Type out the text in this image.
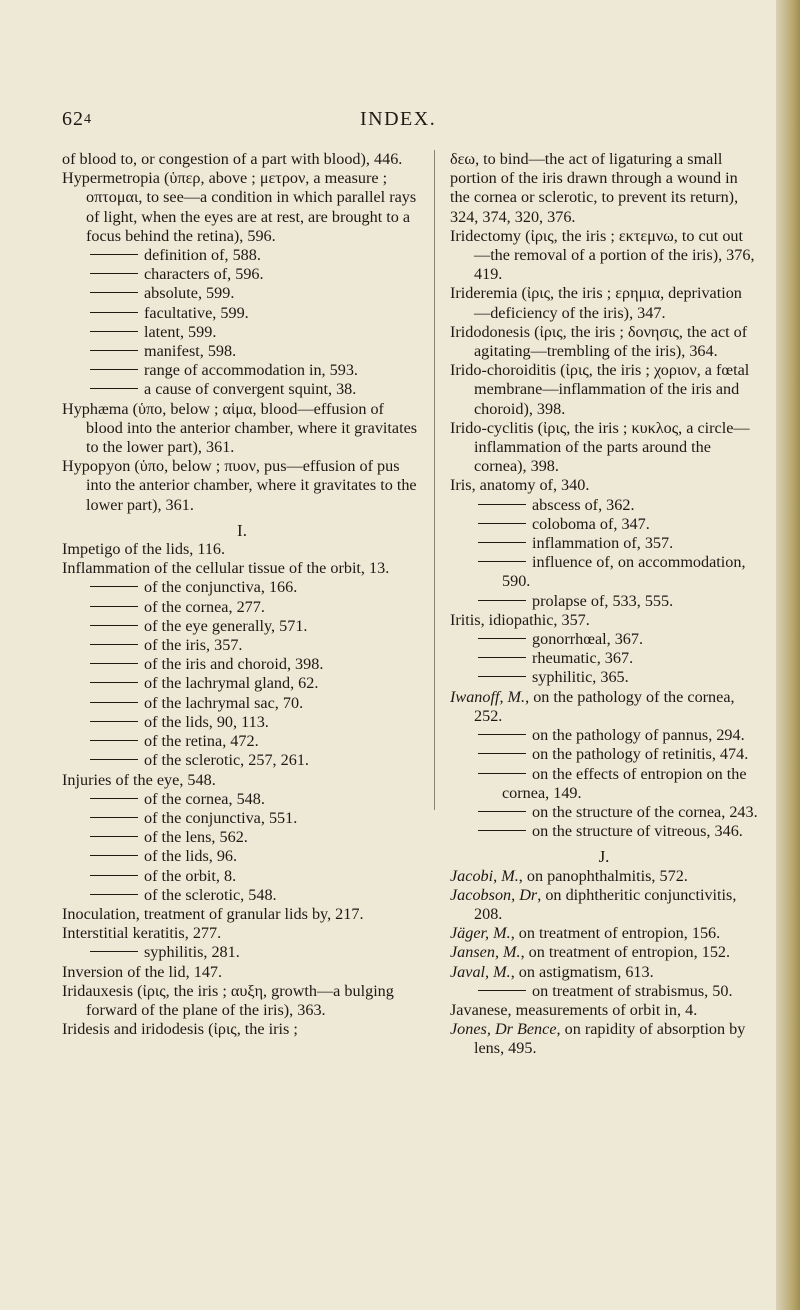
624	INDEX.

of blood to, or congestion of a part with blood), 446.

Hypermetropia (ὑπερ, above ; μετρον, a measure ; οπτομαι, to see—a condition in which parallel rays of light, when the eyes are at rest, are brought to a focus behind the retina), 596.

definition of, 588.

characters of, 596.

absolute, 599.

facultative, 599.

latent, 599.

manifest, 598.

range of accommodation in, 593.

a cause of convergent squint, 38.

Hyphæma (ὑπο, below ; αἱμα, blood—effusion of blood into the anterior chamber, where it gravitates to the lower part), 361.

Hypopyon (ὑπο, below ; πυον, pus—effusion of pus into the anterior chamber, where it gravitates to the lower part), 361.

I.

Impetigo of the lids, 116.

Inflammation of the cellular tissue of the orbit, 13.

of the conjunctiva, 166.

of the cornea, 277.

of the eye generally, 571.

of the iris, 357.

of the iris and choroid, 398.

of the lachrymal gland, 62.

of the lachrymal sac, 70.

of the lids, 90, 113.

of the retina, 472.

of the sclerotic, 257, 261.

Injuries of the eye, 548.

of the cornea, 548.

of the conjunctiva, 551.

of the lens, 562.

of the lids, 96.

of the orbit, 8.

of the sclerotic, 548.

Inoculation, treatment of granular lids by, 217.

Interstitial keratitis, 277.

syphilitis, 281.

Inversion of the lid, 147.

Iridauxesis (ἰρις, the iris ; αυξη, growth—a bulging forward of the plane of the iris), 363.

Iridesis and iridodesis (ἰρις, the iris ;

δεω, to bind—the act of ligaturing a small portion of the iris drawn through a wound in the cornea or sclerotic, to prevent its return), 324, 374, 320, 376.

Iridectomy (ἰρις, the iris ; εκτεμνω, to cut out—the removal of a portion of the iris), 376, 419.

Irideremia (ἰρις, the iris ; ερημια, deprivation—deficiency of the iris), 347.

Iridodonesis (ἰρις, the iris ; δονησις, the act of agitating—trembling of the iris), 364.

Irido-choroiditis (ἰρις, the iris ; χοριον, a fœtal membrane—inflammation of the iris and choroid), 398.

Irido-cyclitis (ἰρις, the iris ; κυκλος, a circle—inflammation of the parts around the cornea), 398.

Iris, anatomy of, 340.

abscess of, 362.

coloboma of, 347.

inflammation of, 357.

influence of, on accommodation, 590.

prolapse of, 533, 555.

Iritis, idiopathic, 357.

gonorrhœal, 367.

rheumatic, 367.

syphilitic, 365.

Iwanoff, M., on the pathology of the cornea, 252.

on the pathology of pannus, 294.

on the pathology of retinitis, 474.

on the effects of entropion on the cornea, 149.

on the structure of the cornea, 243.

on the structure of vitreous, 346.

J.

Jacobi, M., on panophthalmitis, 572.

Jacobson, Dr, on diphtheritic conjunctivitis, 208.

Jäger, M., on treatment of entropion, 156.

Jansen, M., on treatment of entropion, 152.

Javal, M., on astigmatism, 613.

on treatment of strabismus, 50.

Javanese, measurements of orbit in, 4.

Jones, Dr Bence, on rapidity of absorption by lens, 495.
